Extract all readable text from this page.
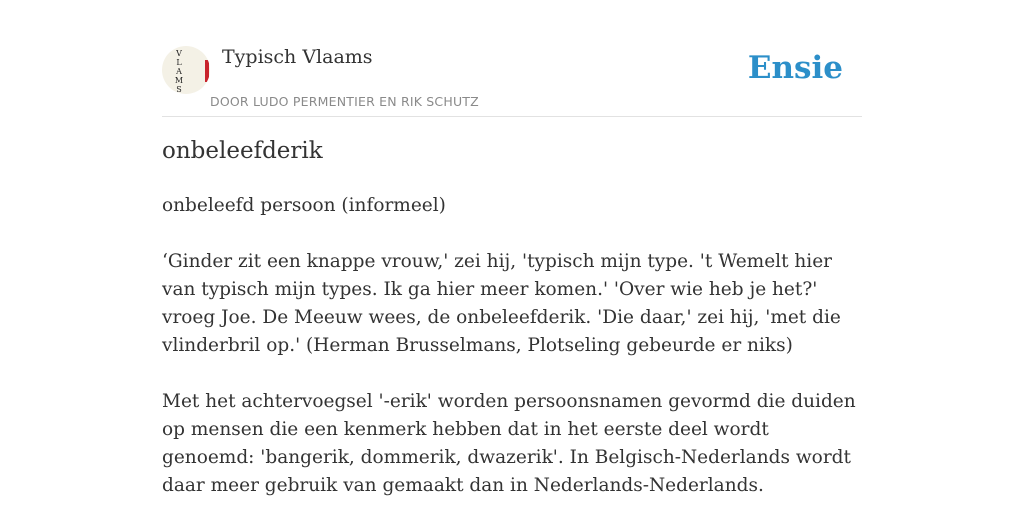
V
L
A
M
S
Typisch Vlaams
DOOR LUDO PERMENTIER EN RIK SCHUTZ
Ensie
onbeleefderik

onbeleefd persoon (informeel)

‘Ginder zit een knappe vrouw,' zei hij, 'typisch mijn type. 't Wemelt hier van typisch mijn types. Ik ga hier meer komen.' 'Over wie heb je het?' vroeg Joe. De Meeuw wees, de onbeleefderik. 'Die daar,' zei hij, 'met die vlinderbril op.' (Herman Brusselmans, Plotseling gebeurde er niks)

Met het achtervoegsel '-erik' worden persoonsnamen gevormd die duiden op mensen die een kenmerk hebben dat in het eerste deel wordt genoemd: 'bangerik, dommerik, dwazerik'. In Belgisch-Nederlands wordt daar meer gebruik van gemaakt dan in Nederlands-Nederlands.
